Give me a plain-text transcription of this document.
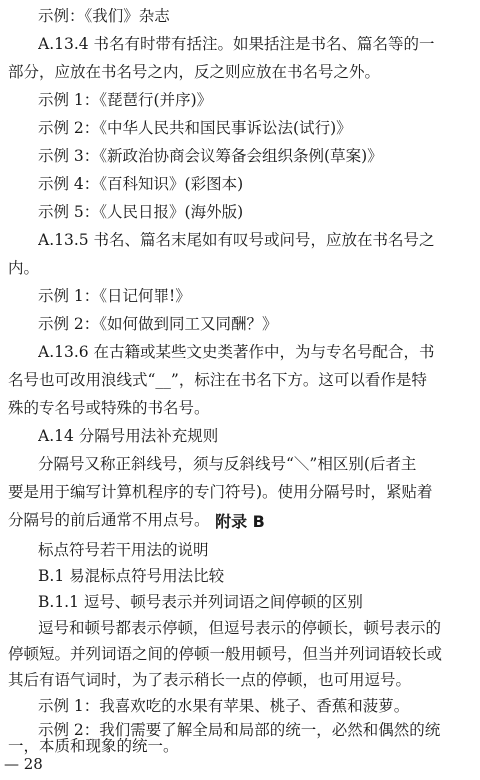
示例：《我们》杂志
A.13.4 书名有时带有括注。如果括注是书名、篇名等的一
部分，应放在书名号之内，反之则应放在书名号之外。
示例 1：《琵琶行(并序)》
示例 2：《中华人民共和国民事诉讼法(试行)》
示例 3：《新政治协商会议筹备会组织条例(草案)》
示例 4：《百科知识》(彩图本)
示例 5：《人民日报》(海外版)
A.13.5 书名、篇名末尾如有叹号或问号，应放在书名号之
内。
示例 1：《日记何罪!》
示例 2：《如何做到同工又同酬？》
A.13.6 在古籍或某些文史类著作中，为与专名号配合，书
名号也可改用浪线式“__”，标注在书名下方。这可以看作是特
殊的专名号或特殊的书名号。
A.14 分隔号用法补充规则
分隔号又称正斜线号，须与反斜线号“＼”相区别(后者主
要是用于编写计算机程序的专门符号)。使用分隔号时，紧贴着
分隔号的前后通常不用点号。 附录 B
标点符号若干用法的说明
B.1 易混标点符号用法比较
B.1.1 逗号、顿号表示并列词语之间停顿的区别
逗号和顿号都表示停顿，但逗号表示的停顿长，顿号表示的
停顿短。并列词语之间的停顿一般用顿号，但当并列词语较长或
其后有语气词时，为了表示稍长一点的停顿，也可用逗号。
示例 1：我喜欢吃的水果有苹果、桃子、香蕉和菠萝。
示例 2：我们需要了解全局和局部的统一，必然和偶然的统
一，本质和现象的统一。
— 28
